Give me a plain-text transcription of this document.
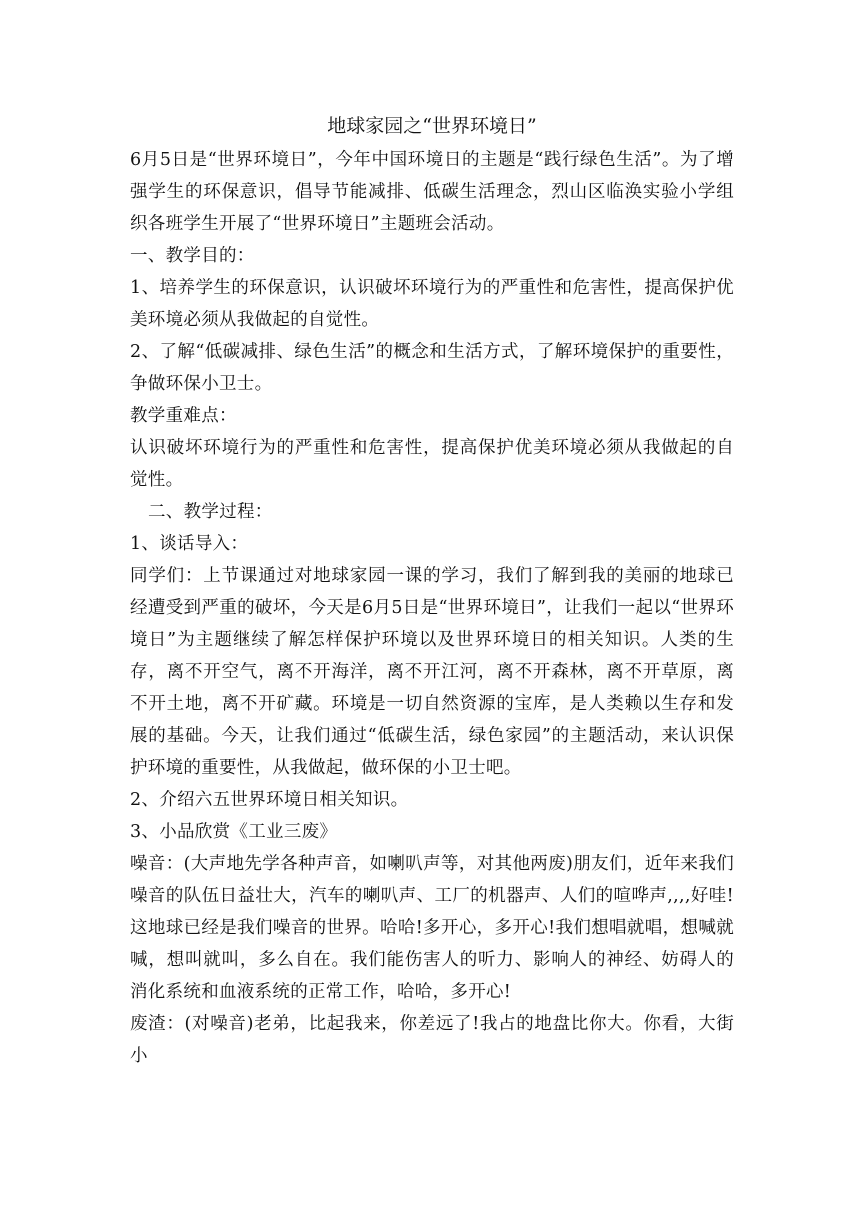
地球家园之“世界环境日”

6月5日是“世界环境日”，今年中国环境日的主题是“践行绿色生活”。为了增强学生的环保意识，倡导节能减排、低碳生活理念，烈山区临涣实验小学组织各班学生开展了“世界环境日”主题班会活动。

一、教学目的：

1、培养学生的环保意识，认识破坏环境行为的严重性和危害性，提高保护优美环境必须从我做起的自觉性。

2、了解“低碳减排、绿色生活”的概念和生活方式，了解环境保护的重要性，争做环保小卫士。

教学重难点：

认识破坏环境行为的严重性和危害性，提高保护优美环境必须从我做起的自觉性。

二、教学过程：

1、谈话导入：

同学们：上节课通过对地球家园一课的学习，我们了解到我的美丽的地球已经遭受到严重的破坏，今天是6月5日是“世界环境日”，让我们一起以“世界环境日”为主题继续了解怎样保护环境以及世界环境日的相关知识。人类的生存，离不开空气，离不开海洋，离不开江河，离不开森林，离不开草原，离不开土地，离不开矿藏。环境是一切自然资源的宝库，是人类赖以生存和发展的基础。今天，让我们通过“低碳生活，绿色家园”的主题活动，来认识保护环境的重要性，从我做起，做环保的小卫士吧。

2、介绍六五世界环境日相关知识。

3、小品欣赏《工业三废》

噪音：(大声地先学各种声音，如喇叭声等，对其他两废)朋友们，近年来我们噪音的队伍日益壮大，汽车的喇叭声、工厂的机器声、人们的喧哗声,,,,好哇!这地球已经是我们噪音的世界。哈哈!多开心，多开心!我们想唱就唱，想喊就喊，想叫就叫，多么自在。我们能伤害人的听力、影响人的神经、妨碍人的消化系统和血液系统的正常工作，哈哈，多开心!

废渣：(对噪音)老弟，比起我来，你差远了!我占的地盘比你大。你看，大街小
